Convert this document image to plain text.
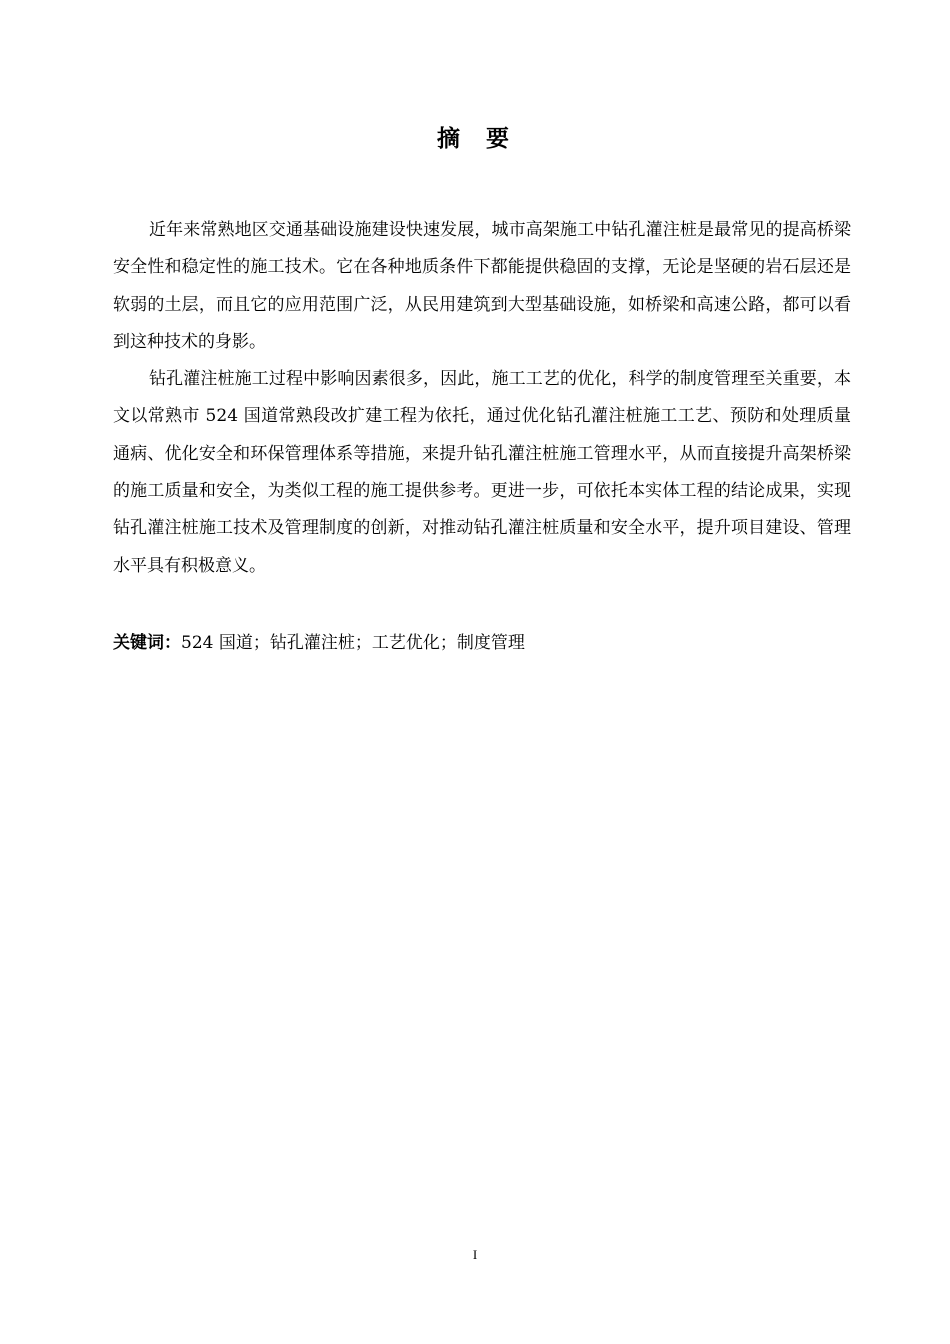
摘 要

近年来常熟地区交通基础设施建设快速发展，城市高架施工中钻孔灌注桩是最常见的提高桥梁安全性和稳定性的施工技术。它在各种地质条件下都能提供稳固的支撑，无论是坚硬的岩石层还是软弱的土层，而且它的应用范围广泛，从民用建筑到大型基础设施，如桥梁和高速公路，都可以看到这种技术的身影。

钻孔灌注桩施工过程中影响因素很多，因此，施工工艺的优化，科学的制度管理至关重要，本文以常熟市 524 国道常熟段改扩建工程为依托，通过优化钻孔灌注桩施工工艺、预防和处理质量通病、优化安全和环保管理体系等措施，来提升钻孔灌注桩施工管理水平，从而直接提升高架桥梁的施工质量和安全，为类似工程的施工提供参考。更进一步，可依托本实体工程的结论成果，实现钻孔灌注桩施工技术及管理制度的创新，对推动钻孔灌注桩质量和安全水平，提升项目建设、管理水平具有积极意义。

关键词：524 国道；钻孔灌注桩；工艺优化；制度管理
I
